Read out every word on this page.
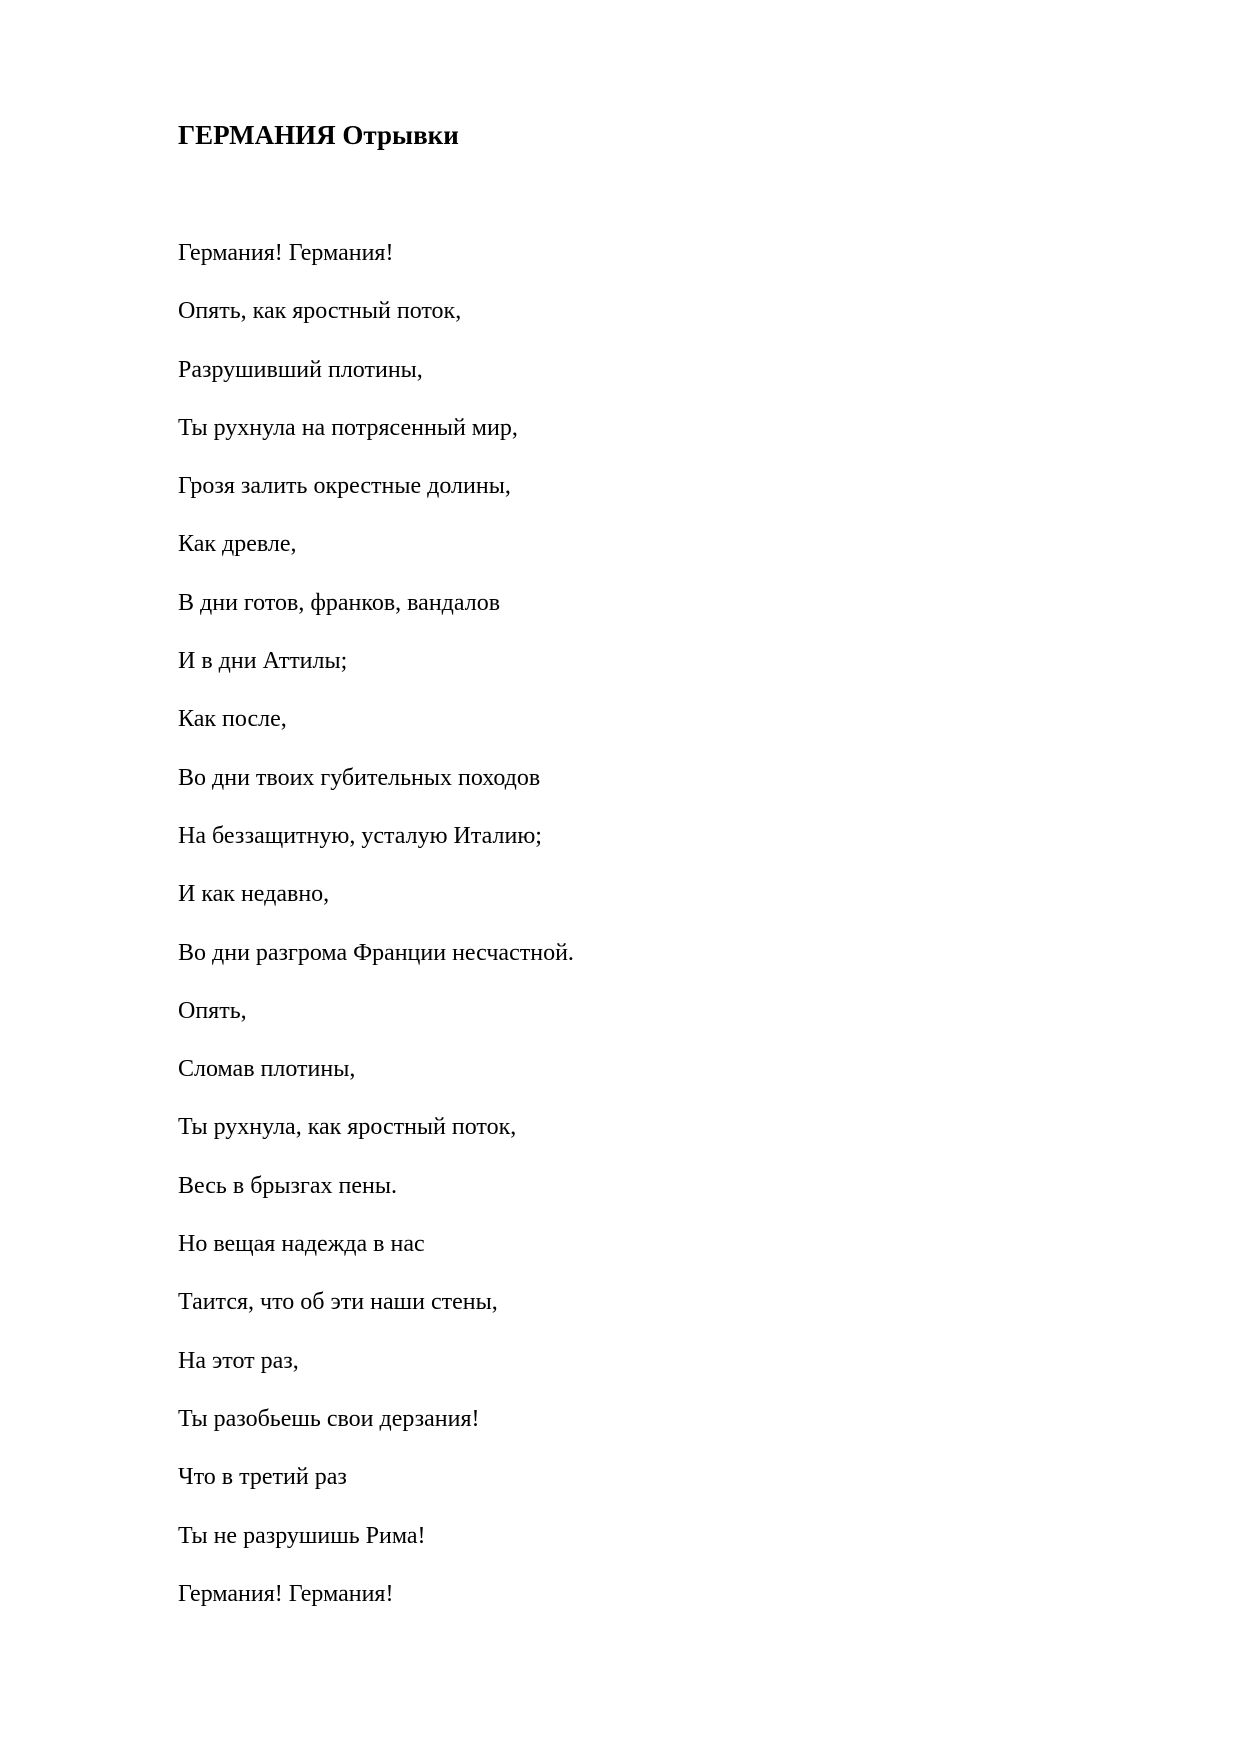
ГЕРМАНИЯ Отрывки
Германия! Германия!
Опять, как яростный поток,
Разрушивший плотины,
Ты рухнула на потрясенный мир,
Грозя залить окрестные долины,
Как древле,
В дни готов, франков, вандалов
И в дни Аттилы;
Как после,
Во дни твоих губительных походов
На беззащитную, усталую Италию;
И как недавно,
Во дни разгрома Франции несчастной.
Опять,
Сломав плотины,
Ты рухнула, как яростный поток,
Весь в брызгах пены.
Но вещая надежда в нас
Таится, что об эти наши стены,
На этот раз,
Ты разобьешь свои дерзания!
Что в третий раз
Ты не разрушишь Рима!
Германия! Германия!
